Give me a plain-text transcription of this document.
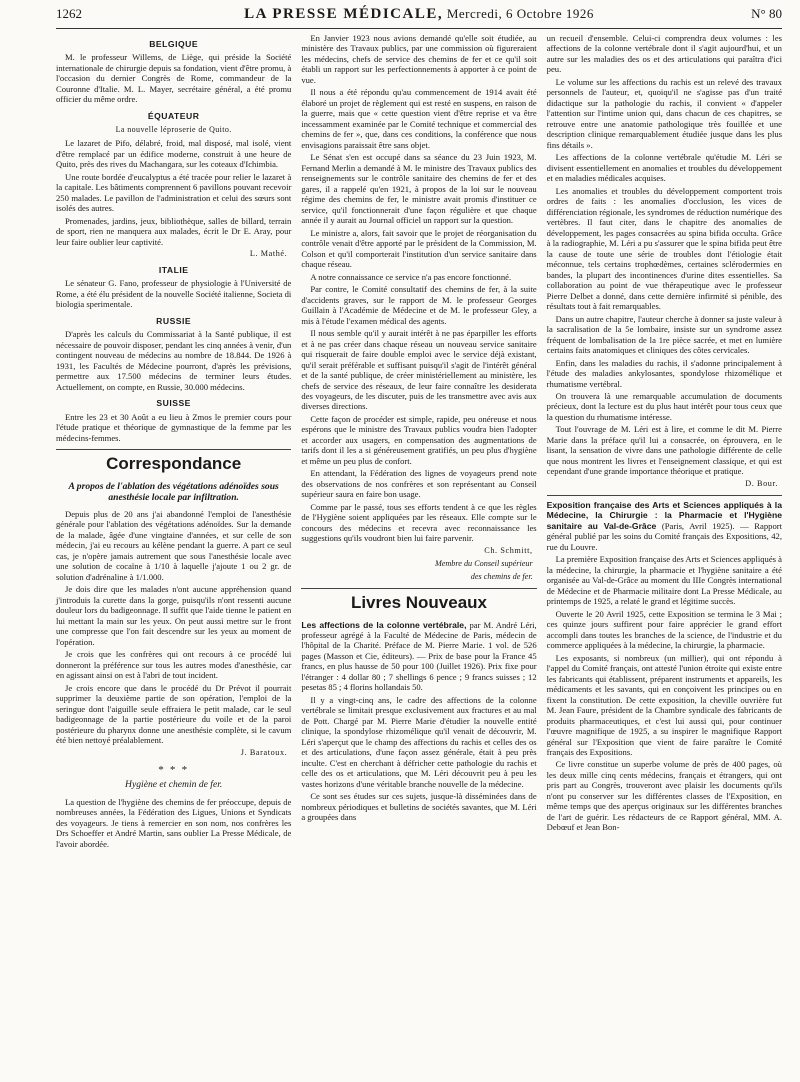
1262	LA PRESSE MÉDICALE, Mercredi, 6 Octobre 1926	N° 80
BELGIQUE

M. le professeur Willems, de Liège, qui préside la Société internationale de chirurgie depuis sa fondation, vient d'être promu, à l'occasion du dernier Congrès de Rome, commandeur de la Couronne d'Italie. M. L. Mayer, secrétaire général, a été promu officier du même ordre.

ÉQUATEUR
La nouvelle léproserie de Quito.

Le lazaret de Pifo, délabré, froid, mal disposé, mal isolé, vient d'être remplacé par un édifice moderne, construit à une heure de Quito, près des rives du Machangara, sur les coteaux d'Ichimbia.

Une route bordée d'eucalyptus a été tracée pour relier le lazaret à la capitale. Les bâtiments comprennent 6 pavillons pouvant recevoir 250 malades. Le pavillon de l'administration et celui des sœurs sont isolés des autres.

Promenades, jardins, jeux, bibliothèque, salles de billard, terrain de sport, rien ne manquera aux malades, écrit le Dr E. Aray, pour leur faire oublier leur captivité.

L. Mathé.
ITALIE

Le sénateur G. Fano, professeur de physiologie à l'Université de Rome, a été élu président de la nouvelle Société italienne, Societa di biologia sperimentale.

RUSSIE

D'après les calculs du Commissariat à la Santé publique, il est nécessaire de pouvoir disposer, pendant les cinq années à venir, d'un contingent nouveau de médecins au nombre de 18.844. De 1926 à 1931, les Facultés de Médecine pourront, d'après les prévisions, permettre aux 17.500 médecins de terminer leurs études. Actuellement, on compte, en Russie, 30.000 médecins.

SUISSE

Entre les 23 et 30 Août a eu lieu à Zmos le premier cours pour l'étude pratique et théorique de gymnastique de la femme par les médecins-femmes.

Correspondance
A propos de l'ablation des végétations adénoïdes sous anesthésie locale par infiltration.

Depuis plus de 20 ans j'ai abandonné l'emploi de l'anesthésie générale pour l'ablation des végétations adénoïdes. Sur la demande de la malade, âgée d'une vingtaine d'années, et sur celle de son médecin, j'ai eu recours au kélène pendant la guerre. A part ce seul cas, je n'opère jamais autrement que sous l'anesthésie locale avec une solution de cocaïne à 1/10 à laquelle j'ajoute 1 ou 2 gr. de solution d'adrénaline à 1/1.000.

Je dois dire que les malades n'ont aucune appréhension quand j'introduis la curette dans la gorge, puisqu'ils n'ont ressenti aucune douleur lors du badigeonnage. Il suffit que l'aide tienne le patient en lui mettant la main sur les yeux. On peut aussi mettre sur le front une compresse que l'on fait descendre sur les yeux au moment de l'opération.

Je crois que les confrères qui ont recours à ce procédé lui donneront la préférence sur tous les autres modes d'anesthésie, car en agissant ainsi on est à l'abri de tout incident.

Je crois encore que dans le procédé du Dr Prévot il pourrait supprimer la deuxième partie de son opération, l'emploi de la seringue dont l'aiguille seule effraiera le petit malade, car le seul badigeonnage de la partie postérieure du voile et de la paroi postérieure du pharynx donne une anesthésie complète, si le cavum été bien nettoyé préalablement.

J. Baratoux.
* * *
Hygiène et chemin de fer.

La question de l'hygiène des chemins de fer préoccupe, depuis de nombreuses années, la Fédération des Ligues, Unions et Syndicats des voyageurs. Je tiens à remercier en son nom, nos confrères les Drs Schoeffer et André Martin, sans oublier La Presse Médicale, de l'avoir abordée.

En Janvier 1923 nous avions demandé qu'elle soit étudiée, au ministère des Travaux publics, par une commission où figureraient les médecins, chefs de service des chemins de fer et ce qu'il soit établi un rapport sur les perfectionnements à apporter à ce point de vue.

Il nous a été répondu qu'au commencement de 1914 avait été élaboré un projet de règlement qui est resté en suspens, en raison de la guerre, mais que « cette question vient d'être reprise et va être incessamment examinée par le Comité technique et commercial des chemins de fer », que, dans ces conditions, la conférence que nous envisagions paraissait être sans objet.

Le Sénat s'en est occupé dans sa séance du 23 Juin 1923, M. Fernand Merlin a demandé à M. le ministre des Travaux publics des renseignements sur le contrôle sanitaire des chemins de fer et des gares, il a rappelé qu'en 1921, à propos de la loi sur le nouveau régime des chemins de fer, le ministre avait promis d'instituer ce service, qu'il fonctionnerait d'une façon régulière et que chaque année il y aurait au Journal officiel un rapport sur la question.

Le ministre a, alors, fait savoir que le projet de réorganisation du contrôle venait d'être apporté par le président de la Commission, M. Colson et qu'il comporterait l'institution d'un service sanitaire dans chaque réseau.

A notre connaissance ce service n'a pas encore fonctionné.

Par contre, le Comité consultatif des chemins de fer, à la suite d'accidents graves, sur le rapport de M. le professeur Georges Guillain à l'Académie de Médecine et de M. le professeur Gley, a mis à l'étude l'examen médical des agents.

Il nous semble qu'il y aurait intérêt à ne pas éparpiller les efforts et à ne pas créer dans chaque réseau un nouveau service sanitaire qui risquerait de faire double emploi avec le service déjà existant, qu'il serait préférable et suffisant puisqu'il s'agit de l'intérêt général et de la santé publique, de créer ministériellement au ministère, les chefs de service des réseaux, de leur faire connaître les desiderata des voyageurs, de les discuter, puis de les transmettre avec avis aux diverses directions.

Cette façon de procéder est simple, rapide, peu onéreuse et nous espérons que le ministre des Travaux publics voudra bien l'adopter et accorder aux usagers, en compensation des augmentations de tarifs dont il les a si généreusement gratifiés, un peu plus d'hygiène et même un peu plus de confort.

En attendant, la Fédération des lignes de voyageurs prend note des observations de nos confrères et son représentant au Conseil supérieur saura en faire bon usage.

Comme par le passé, tous ses efforts tendent à ce que les règles de l'Hygiène soient appliquées par les réseaux. Elle compte sur le concours des médecins et recevra avec reconnaissance les suggestions qu'ils voudront bien lui faire parvenir.

Ch. Schmitt,
Membre du Conseil supérieur
des chemins de fer.
Livres Nouveaux

Les affections de la colonne vertébrale, par M. André Léri, professeur agrégé à la Faculté de Médecine de Paris, médecin de l'hôpital de la Charité. Préface de M. Pierre Marie. 1 vol. de 526 pages (Masson et Cie, éditeurs). — Prix de base pour la France 45 francs, en plus hausse de 50 pour 100 (Juillet 1926). Prix fixe pour l'étranger : 4 dollar 80 ; 7 shellings 6 pence ; 9 francs suisses ; 12 pesetas 85 ; 4 florins hollandais 50.

Il y a vingt-cinq ans, le cadre des affections de la colonne vertébrale se limitait presque exclusivement aux fractures et au mal de Pott. Chargé par M. Pierre Marie d'étudier la nouvelle entité clinique, la spondylose rhizomélique qu'il venait de découvrir, M. Léri s'aperçut que le champ des affections du rachis et celles des os et des articulations, d'une façon assez générale, était à peu près inculte. C'est en cherchant à défricher cette pathologie du rachis et celle des os et articulations, que M. Léri découvrit peu à peu les vastes horizons d'une véritable branche nouvelle de la médecine.

Ce sont ses études sur ces sujets, jusque-là disséminées dans de nombreux périodiques et bulletins de sociétés savantes, que M. Léri a groupées dans

un recueil d'ensemble. Celui-ci comprendra deux volumes : les affections de la colonne vertébrale dont il s'agit aujourd'hui, et un autre sur les maladies des os et des articulations qui paraîtra d'ici peu.

Le volume sur les affections du rachis est un relevé des travaux personnels de l'auteur, et, quoiqu'il ne s'agisse pas d'un traité didactique sur la pathologie du rachis, il convient « d'appeler l'attention sur l'intime union qui, dans chacun de ces chapitres, se retrouve entre une anatomie pathologique très fouillée et une description clinique remarquablement étudiée jusque dans les plus fins détails ».

Les affections de la colonne vertébrale qu'étudie M. Léri se divisent essentiellement en anomalies et troubles du développement et en maladies médicales acquises.

Les anomalies et troubles du développement comportent trois ordres de faits : les anomalies d'occlusion, les vices de différenciation régionale, les syndromes de réduction numérique des vertèbres. Il faut citer, dans le chapitre des anomalies de développement, les pages consacrées au spina bifida occulta. Grâce à la radiographie, M. Léri a pu s'assurer que le spina bifida peut être la cause de toute une série de troubles dont l'étiologie était méconnue, tels certains trophœdèmes, certaines sclérodermies en bandes, la plupart des incontinences d'urine dites essentielles. Sa collaboration au point de vue thérapeutique avec le professeur Pierre Delbet a donné, dans cette dernière infirmité si pénible, des résultats tout à fait remarquables.

Dans un autre chapitre, l'auteur cherche à donner sa juste valeur à la sacralisation de la 5e lombaire, insiste sur un syndrome assez fréquent de lombalisation de la 1re pièce sacrée, et met en lumière certains faits anatomiques et cliniques des côtes cervicales.

Enfin, dans les maladies du rachis, il s'adonne principalement à l'étude des maladies ankylosantes, spondylose rhizomélique et rhumatisme vertébral.

On trouvera là une remarquable accumulation de documents précieux, dont la lecture est du plus haut intérêt pour tous ceux que la question du rhumatisme intéresse.

Tout l'ouvrage de M. Léri est à lire, et comme le dit M. Pierre Marie dans la préface qu'il lui a consacrée, on éprouvera, en le lisant, la sensation de vivre dans une pathologie différente de celle que nous montrent les livres et l'enseignement classique, et qui est cependant d'une grande importance théorique et pratique.

D. Bour.

Exposition française des Arts et Sciences appliqués à la Médecine, la Chirurgie : la Pharmacie et l'Hygiène sanitaire au Val-de-Grâce (Paris, Avril 1925). — Rapport général publié par les soins du Comité français des Expositions, 42, rue du Louvre.

La première Exposition française des Arts et Sciences appliqués à la médecine, la chirurgie, la pharmacie et l'hygiène sanitaire a été organisée au Val-de-Grâce au moment du IIIe Congrès international de Médecine et de Pharmacie militaire dont La Presse Médicale, au printemps de 1925, a relaté le grand et légitime succès.

Ouverte le 20 Avril 1925, cette Exposition se termina le 3 Mai ; ces quinze jours suffirent pour faire apprécier le grand effort accompli dans toutes les branches de la science, de l'industrie et du commerce appliquées à la médecine, la chirurgie, la pharmacie.

Les exposants, si nombreux (un millier), qui ont répondu à l'appel du Comité français, ont attesté l'union étroite qui existe entre les fabricants qui établissent, préparent instruments et appareils, les médicaments et les savants, qui en conçoivent les principes ou en fixent la constitution. De cette exposition, la cheville ouvrière fut M. Jean Faure, président de la Chambre syndicale des fabricants de produits pharmaceutiques, et c'est lui aussi qui, pour continuer l'œuvre magnifique de 1925, a su inspirer le magnifique Rapport général sur l'Exposition que vient de faire paraître le Comité français des Expositions.

Ce livre constitue un superbe volume de près de 400 pages, où les deux mille cinq cents médecins, français et étrangers, qui ont pris part au Congrès, trouveront avec plaisir les documents qu'ils n'ont pu conserver sur les différentes classes de l'Exposition, en même temps que des aperçus originaux sur les différentes branches de l'art de guérir. Les rédacteurs de ce Rapport général, MM. A. Debœuf et Jean Bon-
